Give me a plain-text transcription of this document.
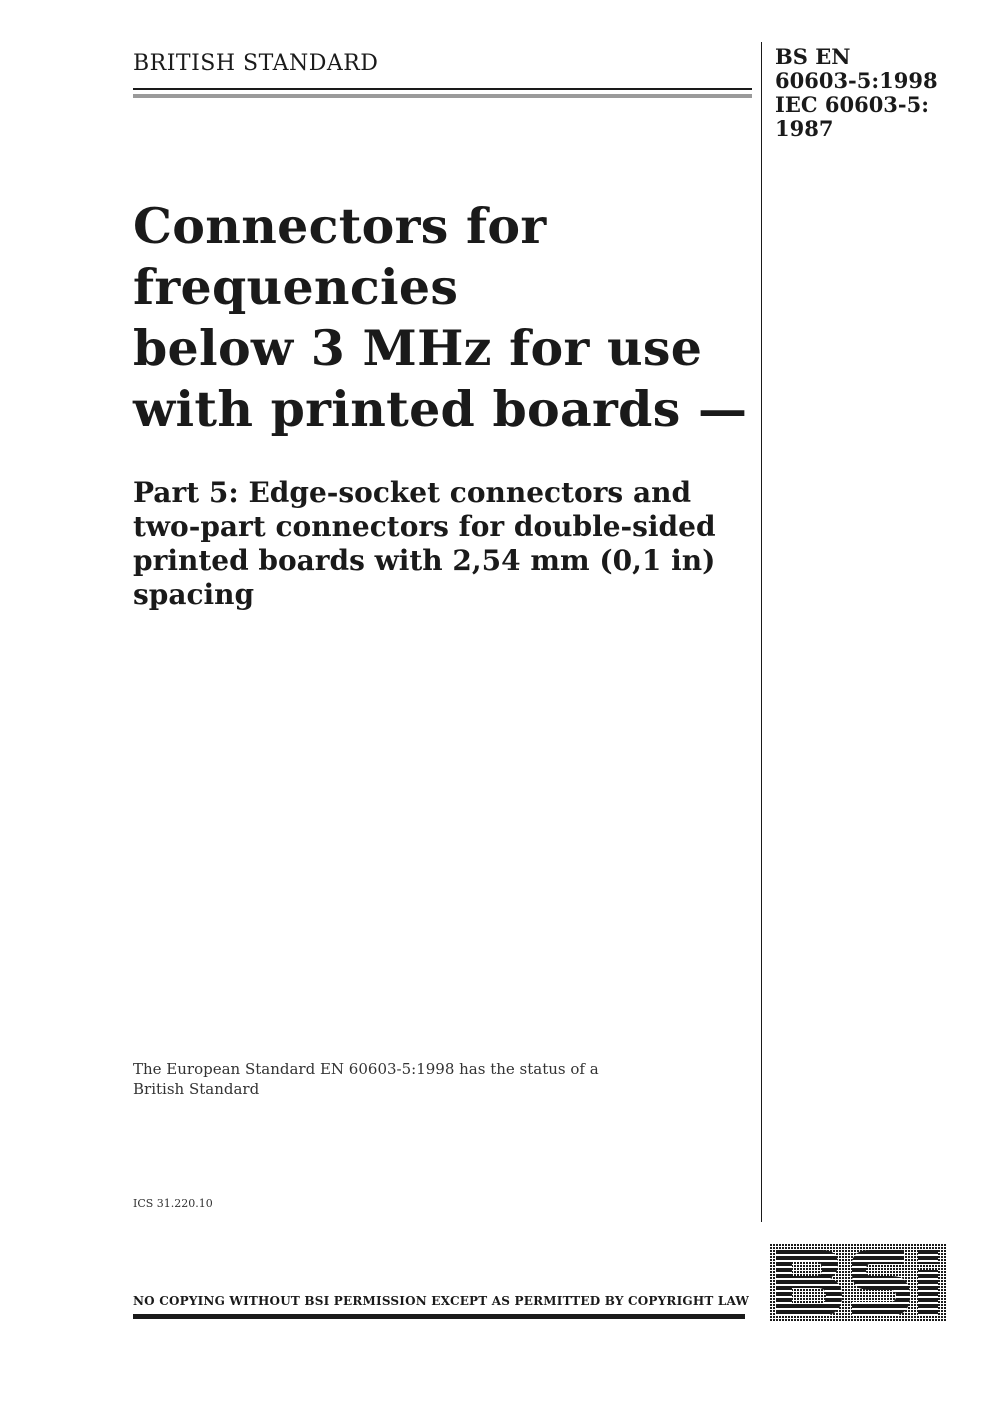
BRITISH STANDARD	BS EN
60603-5:1998
IEC 60603-5:
1987
Connectors for
frequencies
below 3 MHz for use
with printed boards —
Part 5: Edge-socket connectors and
two-part connectors for double-sided
printed boards with 2,54 mm (0,1 in)
spacing
The European Standard EN 60603-5:1998 has the status of a
British Standard
ICS 31.220.10
NO COPYING WITHOUT BSI PERMISSION EXCEPT AS PERMITTED BY COPYRIGHT LAW
